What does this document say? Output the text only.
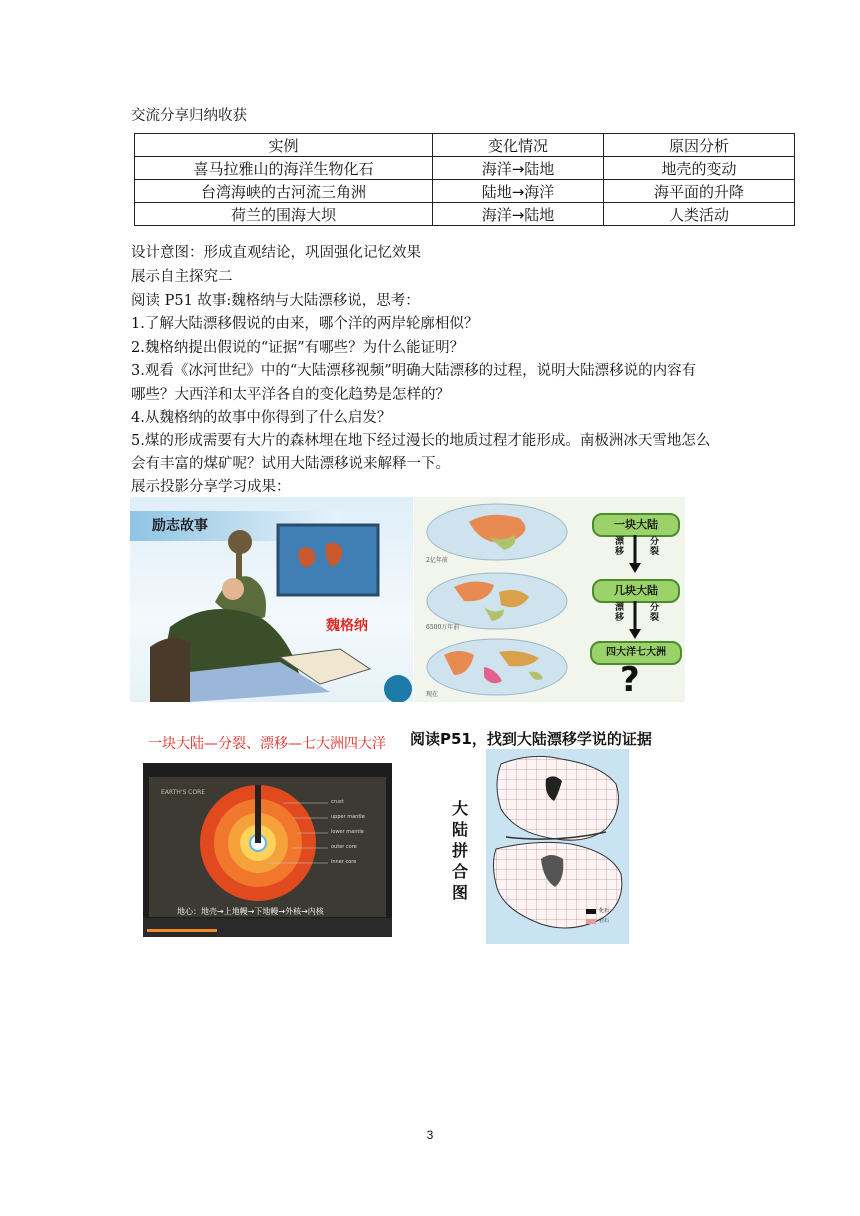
交流分享归纳收获
实例	变化情况	原因分析
喜马拉雅山的海洋生物化石	海洋→陆地	地壳的变动
台湾海峡的古河流三角洲	陆地→海洋	海平面的升降
荷兰的围海大坝	海洋→陆地	人类活动
设计意图：形成直观结论，巩固强化记忆效果
展示自主探究二
阅读 P51 故事:魏格纳与大陆漂移说，思考：
1.了解大陆漂移假说的由来，哪个洋的两岸轮廓相似？
2.魏格纳提出假说的“证据”有哪些？为什么能证明？
3.观看《冰河世纪》中的“大陆漂移视频”明确大陆漂移的过程，说明大陆漂移说的内容有
哪些？大西洋和太平洋各自的变化趋势是怎样的？
4.从魏格纳的故事中你得到了什么启发？
5.煤的形成需要有大片的森林埋在地下经过漫长的地质过程才能形成。南极洲冰天雪地怎么
会有丰富的煤矿呢？试用大陆漂移说来解释一下。
展示投影分享学习成果：
励志故事
魏格纳
2亿年前
6500万年前
现在
一块大陆
漂移
分裂
几块大陆
漂移
分裂
四大洋七大洲
?
一块大陆—分裂、漂移—七大洲四大洋
EARTH'S CORE
crust
upper mantle
lower mantle
outer core
inner core
地心：地壳→上地幔→下地幔→外核→内核
阅读P51，找到大陆漂移学说的证据
化石
岩石
大陆拼合图
3
